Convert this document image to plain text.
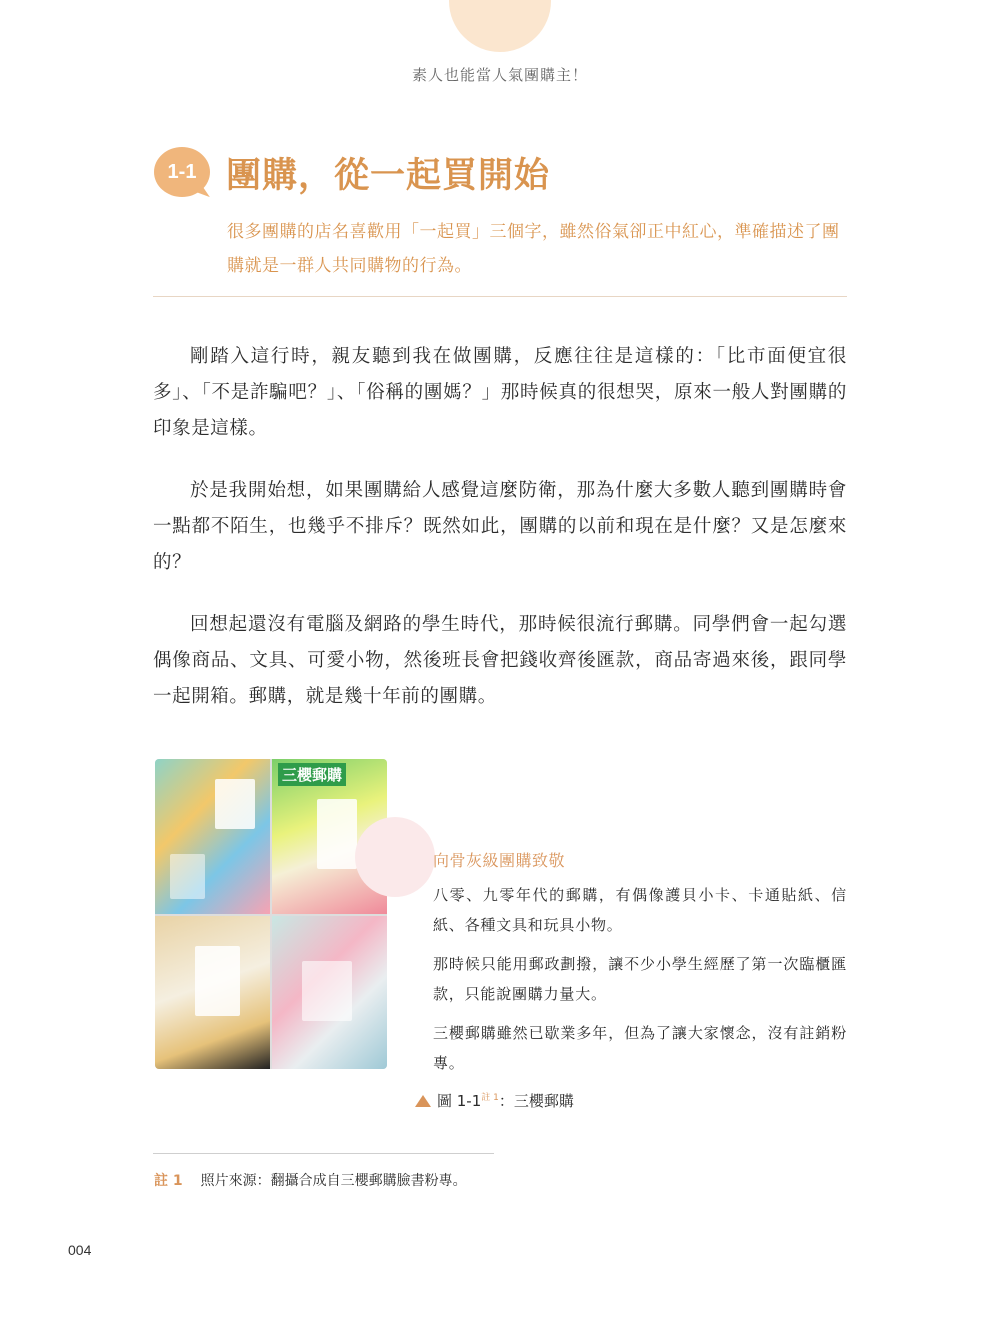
素人也能當人氣團購主！
1-1 團購，從一起買開始
很多團購的店名喜歡用「一起買」三個字，雖然俗氣卻正中紅心，準確描述了團購就是一群人共同購物的行為。

剛踏入這行時，親友聽到我在做團購，反應往往是這樣的：「比市面便宜很多」、「不是詐騙吧？」、「俗稱的團媽？」那時候真的很想哭，原來一般人對團購的印象是這樣。

於是我開始想，如果團購給人感覺這麼防衛，那為什麼大多數人聽到團購時會一點都不陌生，也幾乎不排斥？既然如此，團購的以前和現在是什麼？又是怎麼來的？

回想起還沒有電腦及網路的學生時代，那時候很流行郵購。同學們會一起勾選偶像商品、文具、可愛小物，然後班長會把錢收齊後匯款，商品寄過來後，跟同學一起開箱。郵購，就是幾十年前的團購。

三櫻郵購
向骨灰級團購致敬

八零、九零年代的郵購，有偶像護貝小卡、卡通貼紙、信紙、各種文具和玩具小物。

那時候只能用郵政劃撥，讓不少小學生經歷了第一次臨櫃匯款，只能說團購力量大。

三櫻郵購雖然已歇業多年，但為了讓大家懷念，沒有註銷粉專。

圖 $1-1^{註 1}$：三櫻郵購
註 1 照片來源：翻攝合成自三櫻郵購臉書粉專。
004
